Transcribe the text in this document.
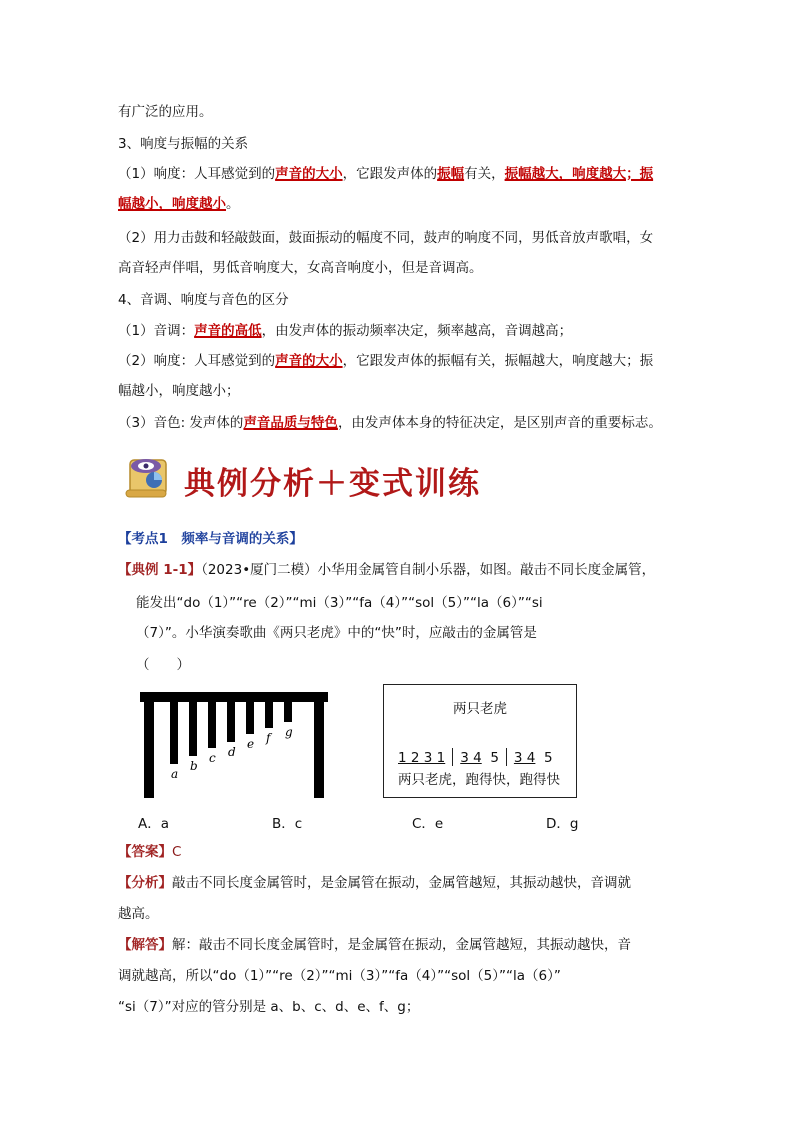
有广泛的应用。
3、响度与振幅的关系
（1）响度：人耳感觉到的声音的大小，它跟发声体的振幅有关，振幅越大，响度越大；振
幅越小，响度越小。
（2）用力击鼓和轻敲鼓面，鼓面振动的幅度不同，鼓声的响度不同，男低音放声歌唱，女
高音轻声伴唱，男低音响度大，女高音响度小，但是音调高。
4、音调、响度与音色的区分
（1）音调：声音的高低，由发声体的振动频率决定，频率越高，音调越高；
（2）响度：人耳感觉到的声音的大小，它跟发声体的振幅有关，振幅越大，响度越大；振
幅越小，响度越小；
（3）音色: 发声体的声音品质与特色，由发声体本身的特征决定，是区别声音的重要标志。
典例分析＋变式训练
【考点1　频率与音调的关系】
【典例 1-1】（2023•厦门二模）小华用金属管自制小乐器，如图。敲击不同长度金属管，
能发出“do（1）”“re（2）”“mi（3）”“fa（4）”“sol（5）”“la（6）”“si
（7）”。小华演奏歌曲《两只老虎》中的“快”时，应敲击的金属管是
（　　）
a
b
c d
e f g
两只老虎
1 2 3 1 3 4 5 3 4 5
两只老虎，跑得快，跑得快
A．a	B．c	C．e	D．g
【答案】C
【分析】敲击不同长度金属管时，是金属管在振动，金属管越短，其振动越快，音调就
越高。
【解答】解：敲击不同长度金属管时，是金属管在振动，金属管越短，其振动越快，音
调就越高，所以“do（1）”“re（2）”“mi（3）”“fa（4）”“sol（5）”“la（6）”
“si（7）”对应的管分别是 a、b、c、d、e、f、g；
